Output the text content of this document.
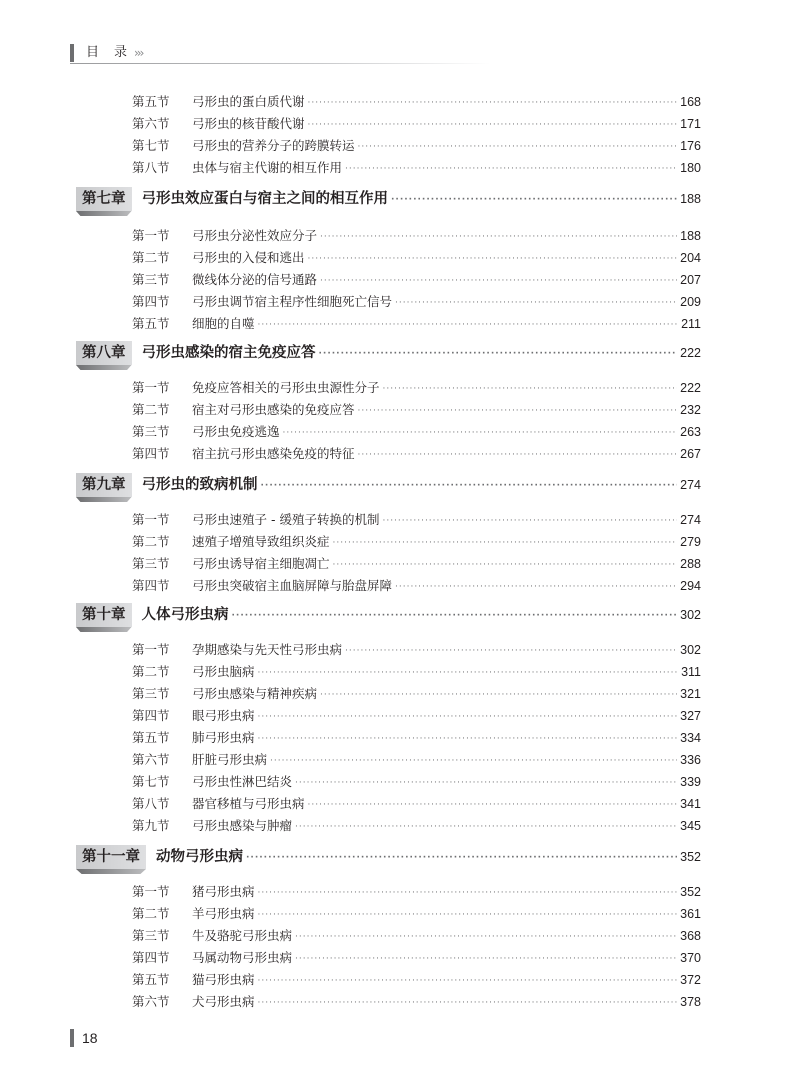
目　录 ›››
第五节	弓形虫的蛋白质代谢 ·····	168
第六节	弓形虫的核苷酸代谢 ·····	171
第七节	弓形虫的营养分子的跨膜转运 ·····	176
第八节	虫体与宿主代谢的相互作用 ·····	180
第七章	弓形虫效应蛋白与宿主之间的相互作用 ·····	188
第一节	弓形虫分泌性效应分子 ·····	188
第二节	弓形虫的入侵和逃出 ·····	204
第三节	微线体分泌的信号通路 ·····	207
第四节	弓形虫调节宿主程序性细胞死亡信号 ·····	209
第五节	细胞的自噬 ·····	211
第八章	弓形虫感染的宿主免疫应答 ·····	222
第一节	免疫应答相关的弓形虫虫源性分子 ·····	222
第二节	宿主对弓形虫感染的免疫应答 ·····	232
第三节	弓形虫免疫逃逸 ·····	263
第四节	宿主抗弓形虫感染免疫的特征 ·····	267
第九章	弓形虫的致病机制 ·····	274
第一节	弓形虫速殖子 - 缓殖子转换的机制 ·····	274
第二节	速殖子增殖导致组织炎症 ·····	279
第三节	弓形虫诱导宿主细胞凋亡 ·····	288
第四节	弓形虫突破宿主血脑屏障与胎盘屏障 ·····	294
第十章	人体弓形虫病 ·····	302
第一节	孕期感染与先天性弓形虫病 ·····	302
第二节	弓形虫脑病 ·····	311
第三节	弓形虫感染与精神疾病 ·····	321
第四节	眼弓形虫病 ·····	327
第五节	肺弓形虫病 ·····	334
第六节	肝脏弓形虫病 ·····	336
第七节	弓形虫性淋巴结炎 ·····	339
第八节	器官移植与弓形虫病 ·····	341
第九节	弓形虫感染与肿瘤 ·····	345
第十一章	动物弓形虫病 ·····	352
第一节	猪弓形虫病 ·····	352
第二节	羊弓形虫病 ·····	361
第三节	牛及骆驼弓形虫病 ·····	368
第四节	马属动物弓形虫病 ·····	370
第五节	猫弓形虫病 ·····	372
第六节	犬弓形虫病 ·····	378
18
